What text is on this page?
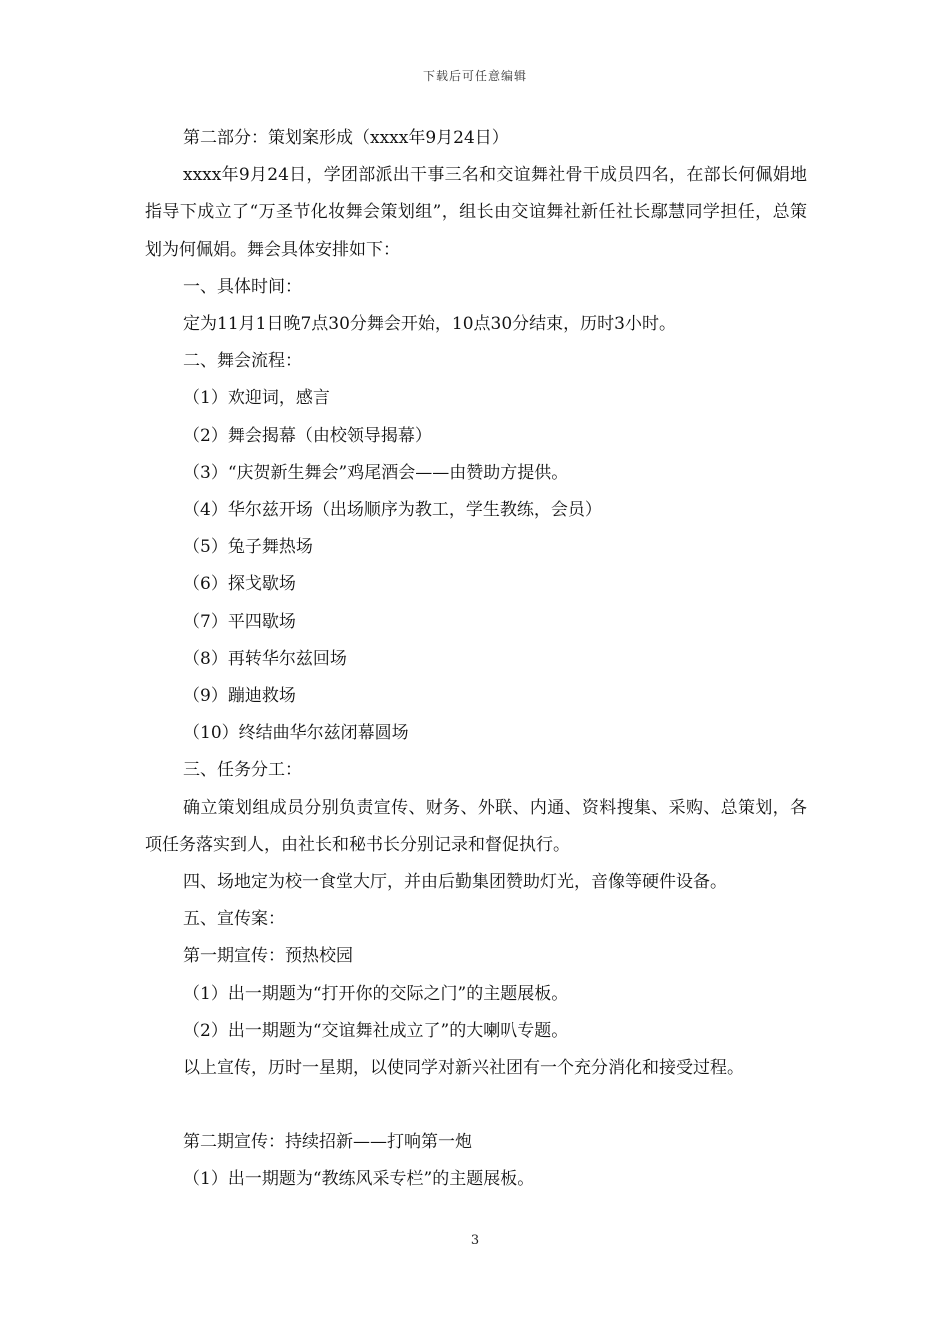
下载后可任意编辑

第二部分：策划案形成（xxxx年9月24日）

xxxx年9月24日，学团部派出干事三名和交谊舞社骨干成员四名，在部长何佩娟地指导下成立了“万圣节化妆舞会策划组”，组长由交谊舞社新任社长鄢慧同学担任，总策划为何佩娟。舞会具体安排如下：

一、具体时间：

定为11月1日晚7点30分舞会开始，10点30分结束，历时3小时。

二、舞会流程：

（1）欢迎词，感言

（2）舞会揭幕（由校领导揭幕）

（3）“庆贺新生舞会”鸡尾酒会——由赞助方提供。

（4）华尔兹开场（出场顺序为教工，学生教练，会员）

（5）兔子舞热场

（6）探戈歇场

（7）平四歇场

（8）再转华尔兹回场

（9）蹦迪救场

（10）终结曲华尔兹闭幕圆场

三、任务分工：

确立策划组成员分别负责宣传、财务、外联、内通、资料搜集、采购、总策划，各项任务落实到人，由社长和秘书长分别记录和督促执行。

四、场地定为校一食堂大厅，并由后勤集团赞助灯光，音像等硬件设备。

五、宣传案：

第一期宣传：预热校园

（1）出一期题为“打开你的交际之门”的主题展板。

（2）出一期题为“交谊舞社成立了”的大喇叭专题。

以上宣传，历时一星期，以使同学对新兴社团有一个充分消化和接受过程。

第二期宣传：持续招新——打响第一炮

（1）出一期题为“教练风采专栏”的主题展板。

3
